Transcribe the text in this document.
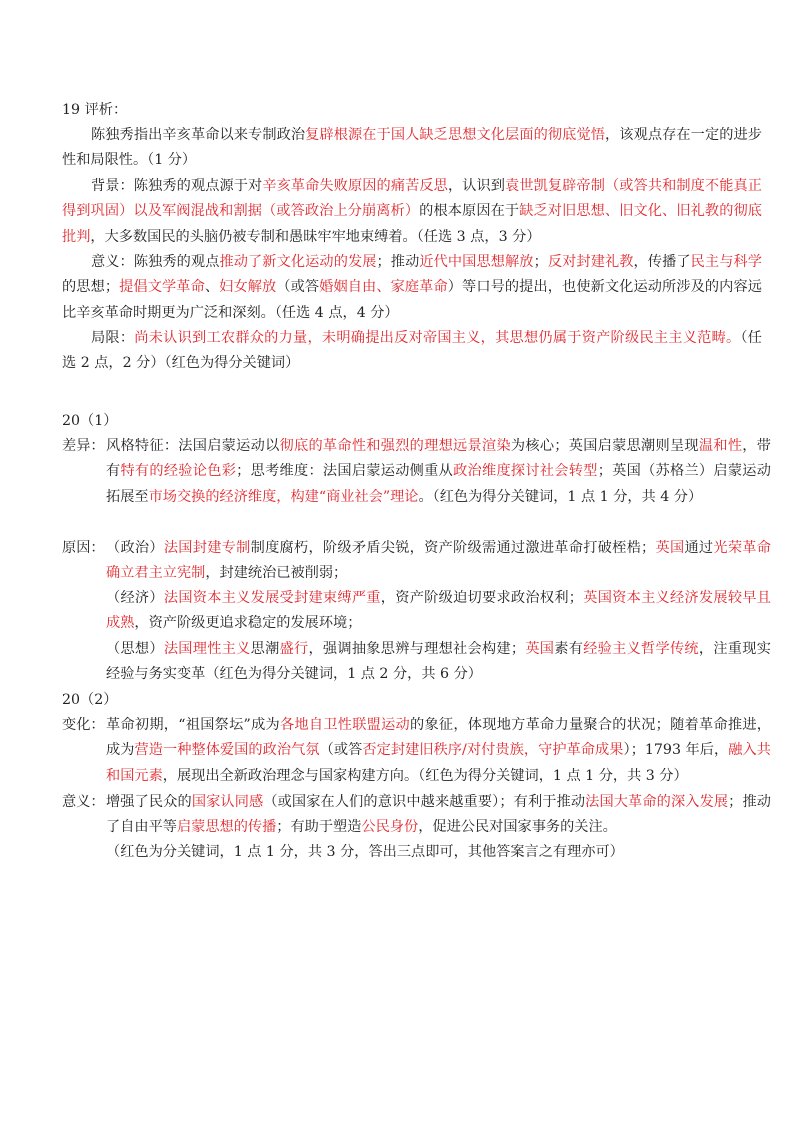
19 评析：

陈独秀指出辛亥革命以来专制政治复辟根源在于国人缺乏思想文化层面的彻底觉悟，该观点存在一定的进步性和局限性。（1 分）

背景：陈独秀的观点源于对辛亥革命失败原因的痛苦反思，认识到袁世凯复辟帝制（或答共和制度不能真正得到巩固）以及军阀混战和割据（或答政治上分崩离析）的根本原因在于缺乏对旧思想、旧文化、旧礼教的彻底批判，大多数国民的头脑仍被专制和愚昧牢牢地束缚着。（任选 3 点，3 分）

意义：陈独秀的观点推动了新文化运动的发展；推动近代中国思想解放；反对封建礼教，传播了民主与科学的思想；提倡文学革命、妇女解放（或答婚姻自由、家庭革命）等口号的提出，也使新文化运动所涉及的内容远比辛亥革命时期更为广泛和深刻。（任选 4 点，4 分）

局限：尚未认识到工农群众的力量，未明确提出反对帝国主义，其思想仍属于资产阶级民主主义范畴。（任选 2 点，2 分）（红色为得分关键词）

20（1）

差异： 风格特征：法国启蒙运动以彻底的革命性和强烈的理想远景渲染为核心；英国启蒙思潮则呈现温和性，带有特有的经验论色彩；思考维度：法国启蒙运动侧重从政治维度探讨社会转型；英国（苏格兰）启蒙运动拓展至市场交换的经济维度，构建“商业社会”理论。（红色为得分关键词，1 点 1 分，共 4 分）

原因： （政治）法国封建专制制度腐朽，阶级矛盾尖锐，资产阶级需通过激进革命打破桎梏；英国通过光荣革命确立君主立宪制，封建统治已被削弱；

（经济）法国资本主义发展受封建束缚严重，资产阶级迫切要求政治权利；英国资本主义经济发展较早且成熟，资产阶级更追求稳定的发展环境；

（思想）法国理性主义思潮盛行，强调抽象思辨与理想社会构建；英国素有经验主义哲学传统，注重现实经验与务实变革（红色为得分关键词，1 点 2 分，共 6 分）

20（2）

变化： 革命初期，“祖国祭坛”成为各地自卫性联盟运动的象征，体现地方革命力量聚合的状况；随着革命推进，成为营造一种整体爱国的政治气氛（或答否定封建旧秩序/对付贵族，守护革命成果）；1793 年后，融入共和国元素，展现出全新政治理念与国家构建方向。（红色为得分关键词，1 点 1 分，共 3 分）

意义： 增强了民众的国家认同感（或国家在人们的意识中越来越重要）；有利于推动法国大革命的深入发展；推动了自由平等启蒙思想的传播；有助于塑造公民身份，促进公民对国家事务的关注。

（红色为分关键词，1 点 1 分，共 3 分，答出三点即可，其他答案言之有理亦可）
